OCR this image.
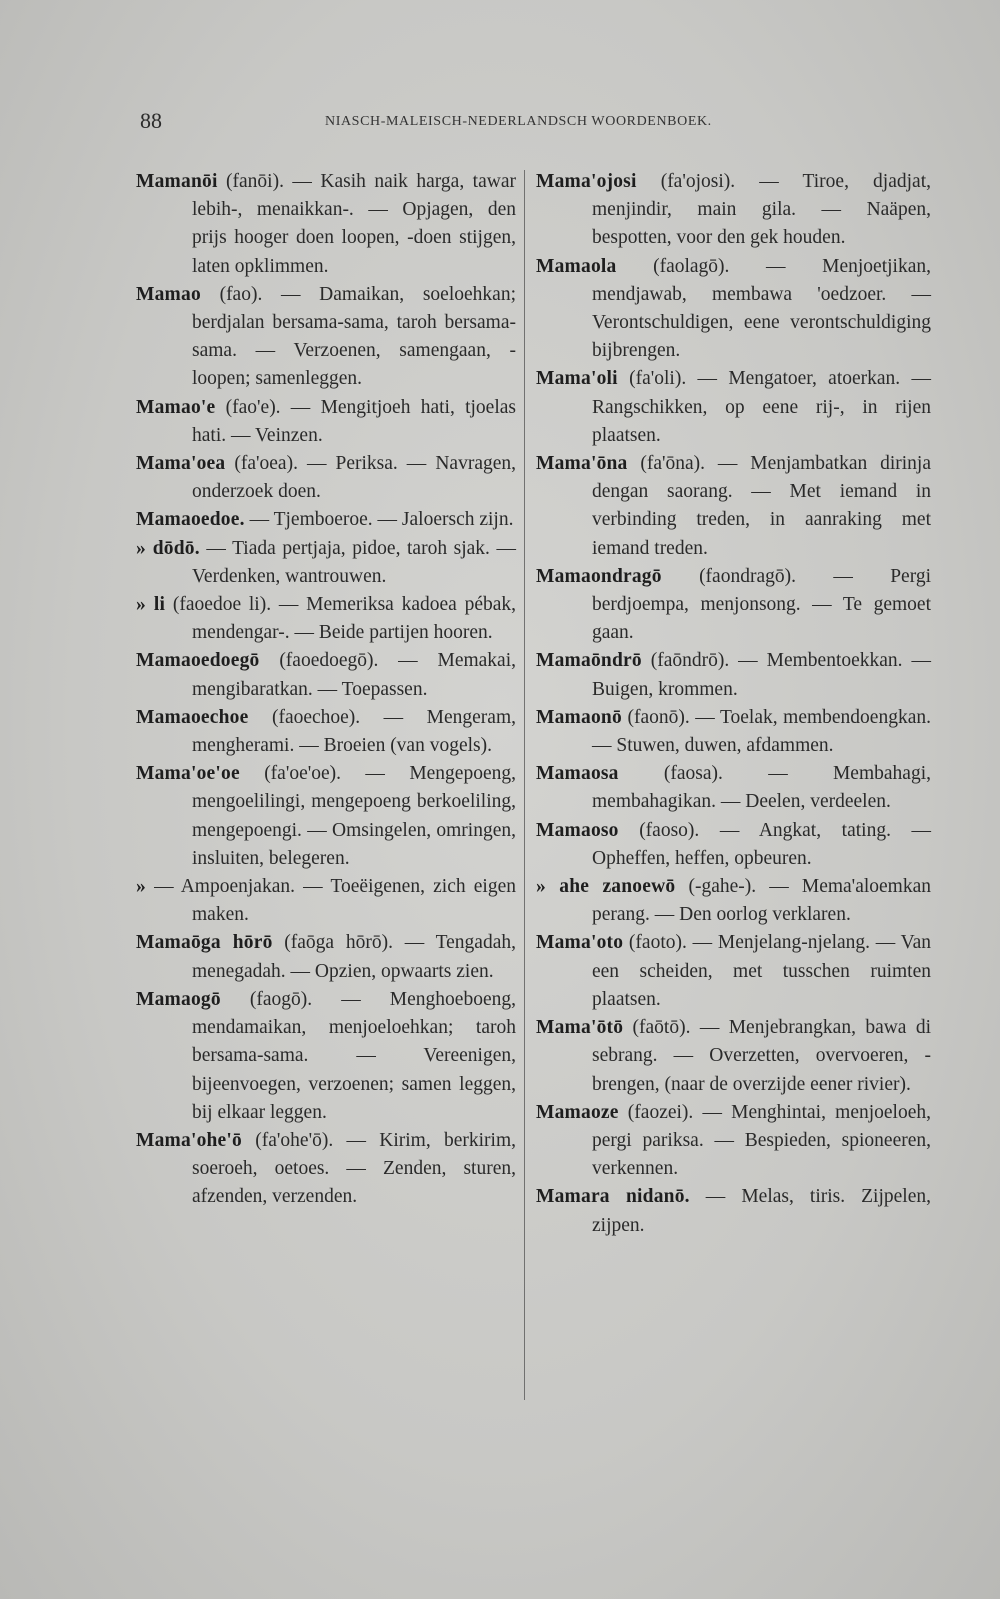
88	NIASCH-MALEISCH-NEDERLANDSCH WOORDENBOEK.

Mamanōi (fanōi). — Kasih naik harga, tawar lebih-, menaikkan-. — Opjagen, den prijs hooger doen loopen, -doen stijgen, laten opklimmen.

Mamao (fao). — Damaikan, soeloehkan; berdjalan bersama-sama, taroh bersama-sama. — Verzoenen, samengaan, -loopen; samenleggen.

Mamao'e (fao'e). — Mengitjoeh hati, tjoelas hati. — Veinzen.

Mama'oea (fa'oea). — Periksa. — Navragen, onderzoek doen.

Mamaoedoe. — Tjemboeroe. — Jaloersch zijn.

» dōdō. — Tiada pertjaja, pidoe, taroh sjak. — Verdenken, wantrouwen.

» li (faoedoe li). — Memeriksa kadoea pébak, mendengar-. — Beide partijen hooren.

Mamaoedoegō (faoedoegō). — Memakai, mengibaratkan. — Toepassen.

Mamaoechoe (faoechoe). — Mengeram, mengherami. — Broeien (van vogels).

Mama'oe'oe (fa'oe'oe). — Mengepoeng, mengoelilingi, mengepoeng berkoeliling, mengepoengi. — Omsingelen, omringen, insluiten, belegeren.

» — Ampoenjakan. — Toeëigenen, zich eigen maken.

Mamaōga hōrō (faōga hōrō). — Tengadah, menegadah. — Opzien, opwaarts zien.

Mamaogō (faogō). — Menghoeboeng, mendamaikan, menjoeloehkan; taroh bersama-sama. — Vereenigen, bijeenvoegen, verzoenen; samen leggen, bij elkaar leggen.

Mama'ohe'ō (fa'ohe'ō). — Kirim, berkirim, soeroeh, oetoes. — Zenden, sturen, afzenden, verzenden.

Mama'ojosi (fa'ojosi). — Tiroe, djadjat, menjindir, main gila. — Naäpen, bespotten, voor den gek houden.

Mamaola (faolagō). — Menjoetjikan, mendjawab, membawa 'oedzoer. — Verontschuldigen, eene verontschuldiging bijbrengen.

Mama'oli (fa'oli). — Mengatoer, atoerkan. — Rangschikken, op eene rij-, in rijen plaatsen.

Mama'ōna (fa'ōna). — Menjambatkan dirinja dengan saorang. — Met iemand in verbinding treden, in aanraking met iemand treden.

Mamaondragō (faondragō). — Pergi berdjoempa, menjonsong. — Te gemoet gaan.

Mamaōndrō (faōndrō). — Membentoekkan. — Buigen, krommen.

Mamaonō (faonō). — Toelak, membendoengkan. — Stuwen, duwen, afdammen.

Mamaosa (faosa). — Membahagi, membahagikan. — Deelen, verdeelen.

Mamaoso (faoso). — Angkat, tating. — Opheffen, heffen, opbeuren.

» ahe zanoewō (-gahe-). — Mema'aloemkan perang. — Den oorlog verklaren.

Mama'oto (faoto). — Menjelang-njelang. — Van een scheiden, met tusschen ruimten plaatsen.

Mama'ōtō (faōtō). — Menjebrangkan, bawa di sebrang. — Overzetten, overvoeren, -brengen, (naar de overzijde eener rivier).

Mamaoze (faozei). — Menghintai, menjoeloeh, pergi pariksa. — Bespieden, spioneeren, verkennen.

Mamara nidanō. — Melas, tiris. Zijpelen, zijpen.
